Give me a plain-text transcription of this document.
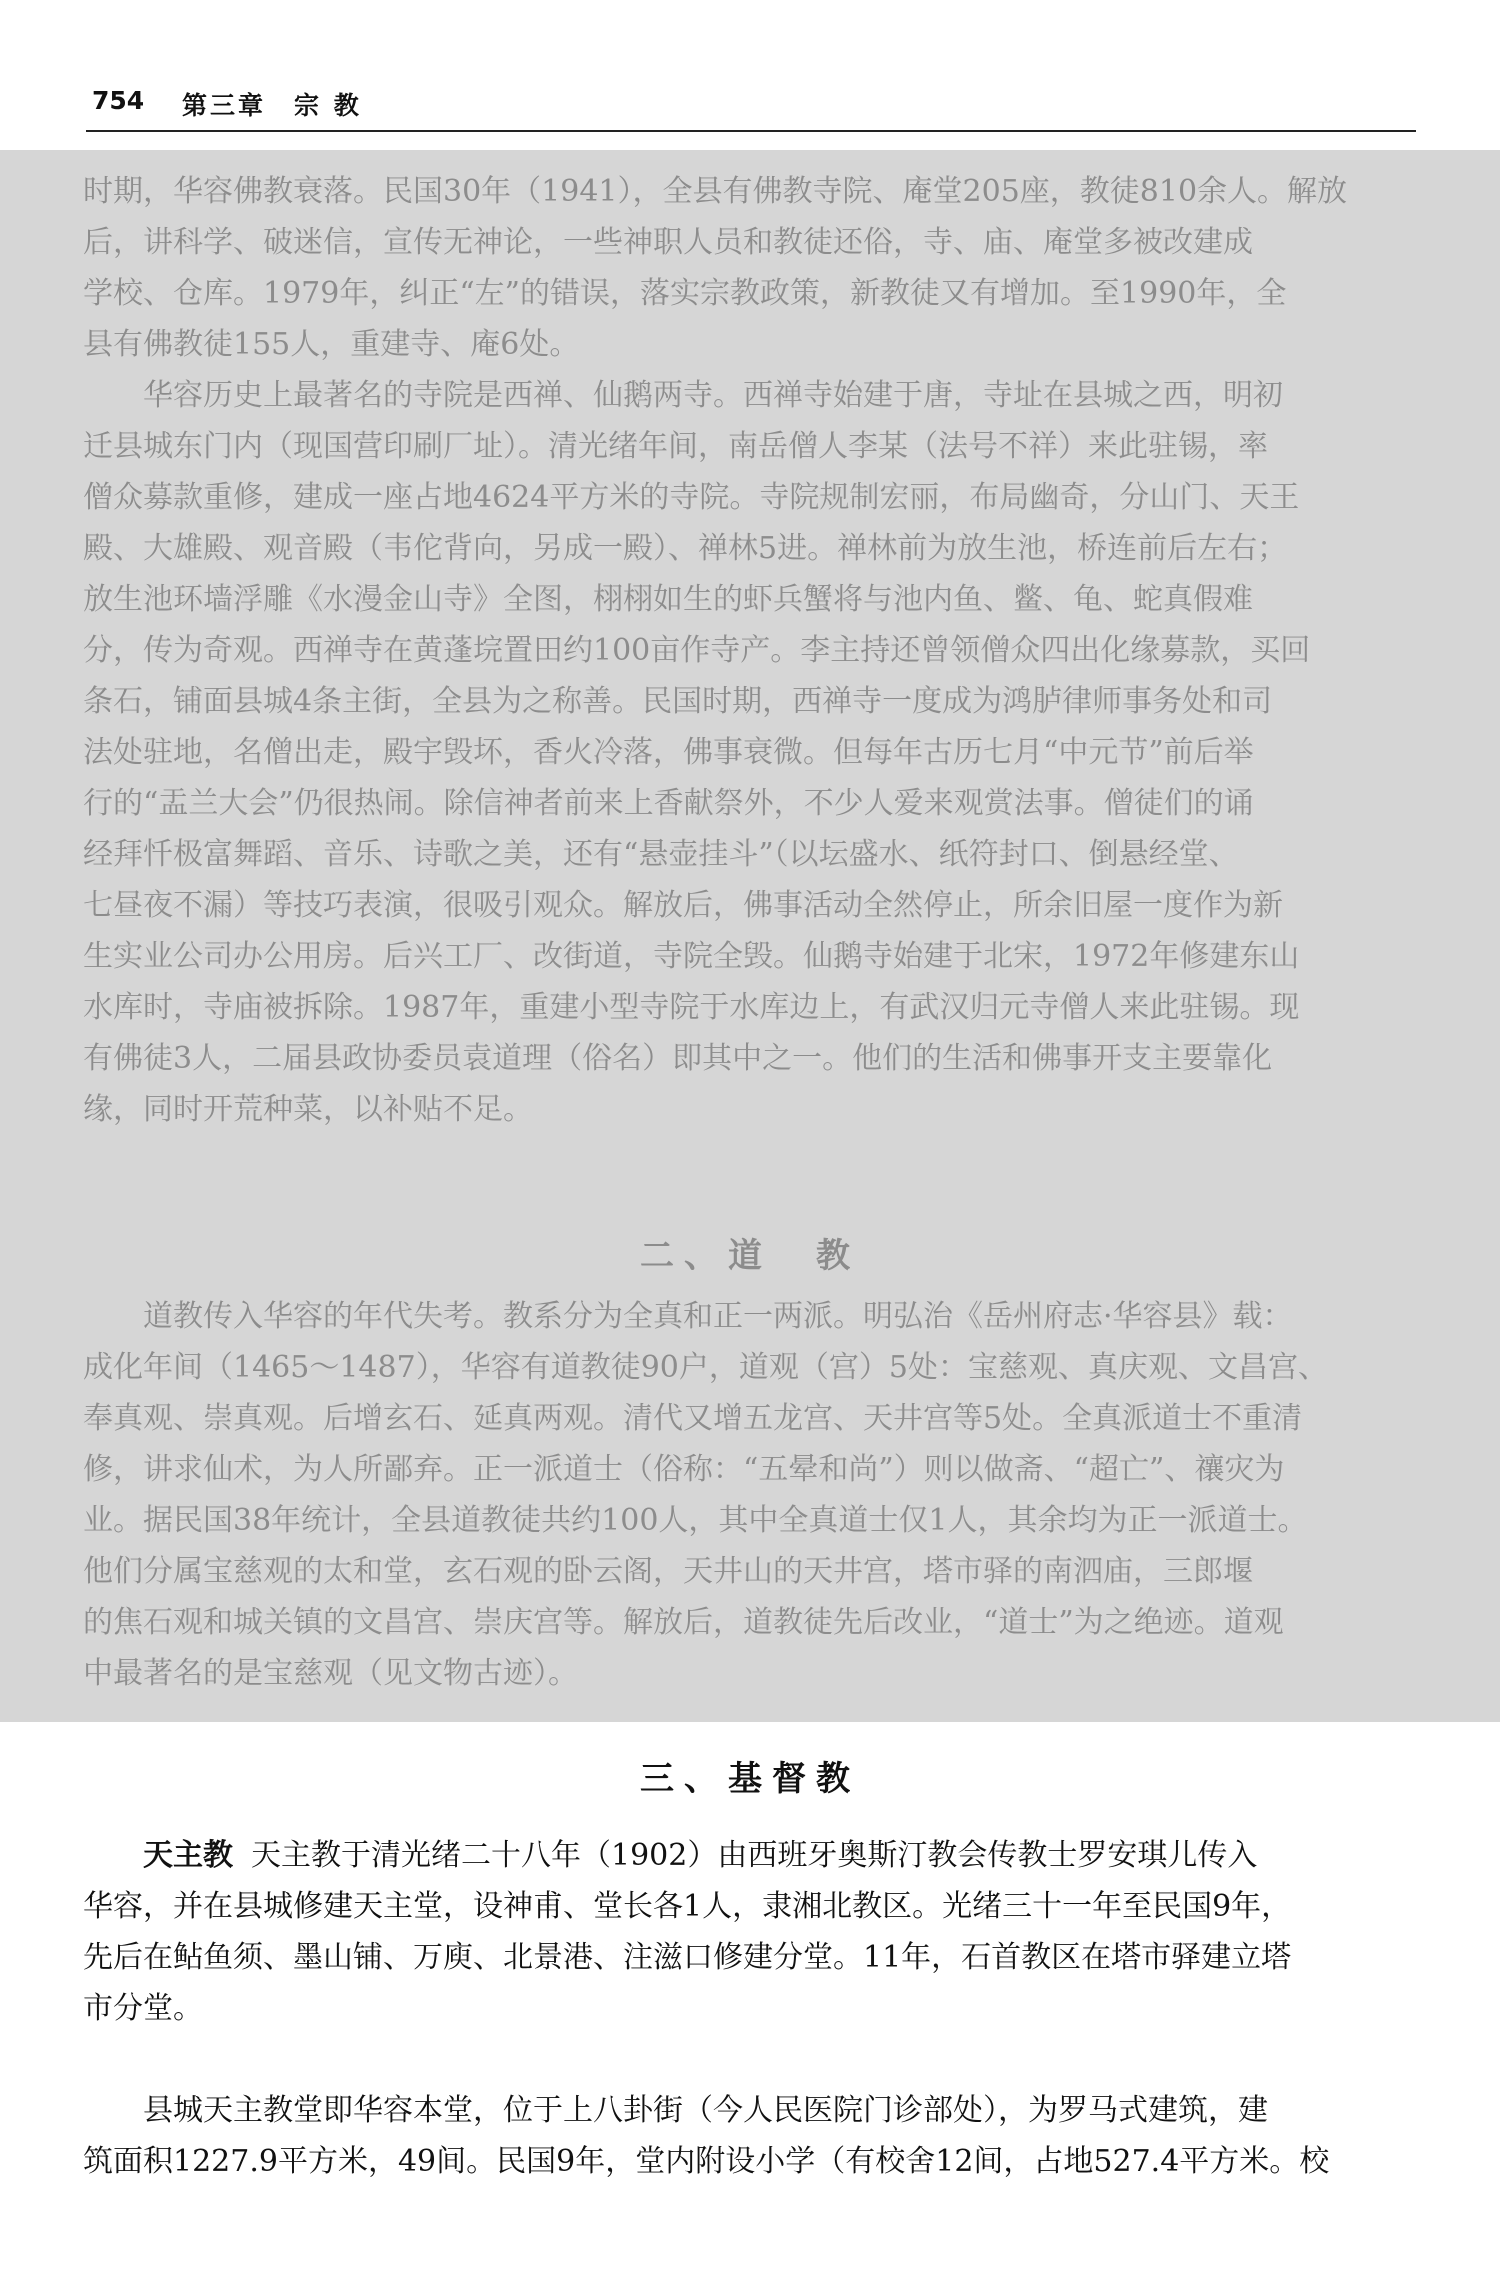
754 第三章　宗 教

时期，华容佛教衰落。民国30年（1941），全县有佛教寺院、庵堂205座，教徒810余人。解放
后，讲科学、破迷信，宣传无神论，一些神职人员和教徒还俗，寺、庙、庵堂多被改建成
学校、仓库。1979年，纠正“左”的错误，落实宗教政策，新教徒又有增加。至1990年，全
县有佛教徒155人，重建寺、庵6处。

华容历史上最著名的寺院是西禅、仙鹅两寺。西禅寺始建于唐，寺址在县城之西，明初
迁县城东门内（现国营印刷厂址）。清光绪年间，南岳僧人李某（法号不祥）来此驻锡，率
僧众募款重修，建成一座占地4624平方米的寺院。寺院规制宏丽，布局幽奇，分山门、天王
殿、大雄殿、观音殿（韦佗背向，另成一殿）、禅林5进。禅林前为放生池，桥连前后左右；
放生池环墙浮雕《水漫金山寺》全图，栩栩如生的虾兵蟹将与池内鱼、鳖、龟、蛇真假难
分，传为奇观。西禅寺在黄蓬垸置田约100亩作寺产。李主持还曾领僧众四出化缘募款，买回
条石，铺面县城4条主街，全县为之称善。民国时期，西禅寺一度成为鸿胪律师事务处和司
法处驻地，名僧出走，殿宇毁坏，香火冷落，佛事衰微。但每年古历七月“中元节”前后举
行的“盂兰大会”仍很热闹。除信神者前来上香献祭外，不少人爱来观赏法事。僧徒们的诵
经拜忏极富舞蹈、音乐、诗歌之美，还有“悬壶挂斗”（以坛盛水、纸符封口、倒悬经堂、
七昼夜不漏）等技巧表演，很吸引观众。解放后，佛事活动全然停止，所余旧屋一度作为新
生实业公司办公用房。后兴工厂、改街道，寺院全毁。仙鹅寺始建于北宋，1972年修建东山
水库时，寺庙被拆除。1987年，重建小型寺院于水库边上，有武汉归元寺僧人来此驻锡。现
有佛徒3人，二届县政协委员袁道理（俗名）即其中之一。他们的生活和佛事开支主要靠化
缘，同时开荒种菜，以补贴不足。

二、道　教

道教传入华容的年代失考。教系分为全真和正一两派。明弘治《岳州府志·华容县》载：
成化年间（1465～1487），华容有道教徒90户，道观（宫）5处：宝慈观、真庆观、文昌宫、
奉真观、崇真观。后增玄石、延真两观。清代又增五龙宫、天井宫等5处。全真派道士不重清
修，讲求仙术，为人所鄙弃。正一派道士（俗称：“五晕和尚”）则以做斋、“超亡”、禳灾为
业。据民国38年统计，全县道教徒共约100人，其中全真道士仅1人，其余均为正一派道士。
他们分属宝慈观的太和堂，玄石观的卧云阁，天井山的天井宫，塔市驿的南泗庙，三郎堰
的焦石观和城关镇的文昌宫、崇庆宫等。解放后，道教徒先后改业，“道士”为之绝迹。道观
中最著名的是宝慈观（见文物古迹）。

三、基督教
天主教 天主教于清光绪二十八年（1902）由西班牙奥斯汀教会传教士罗安琪儿传入
华容，并在县城修建天主堂，设神甫、堂长各1人，隶湘北教区。光绪三十一年至民国9年，
先后在鲇鱼须、墨山铺、万庾、北景港、注滋口修建分堂。11年，石首教区在塔市驿建立塔
市分堂。

县城天主教堂即华容本堂，位于上八卦街（今人民医院门诊部处），为罗马式建筑，建
筑面积1227.9平方米，49间。民国9年，堂内附设小学（有校舍12间，占地527.4平方米。校
